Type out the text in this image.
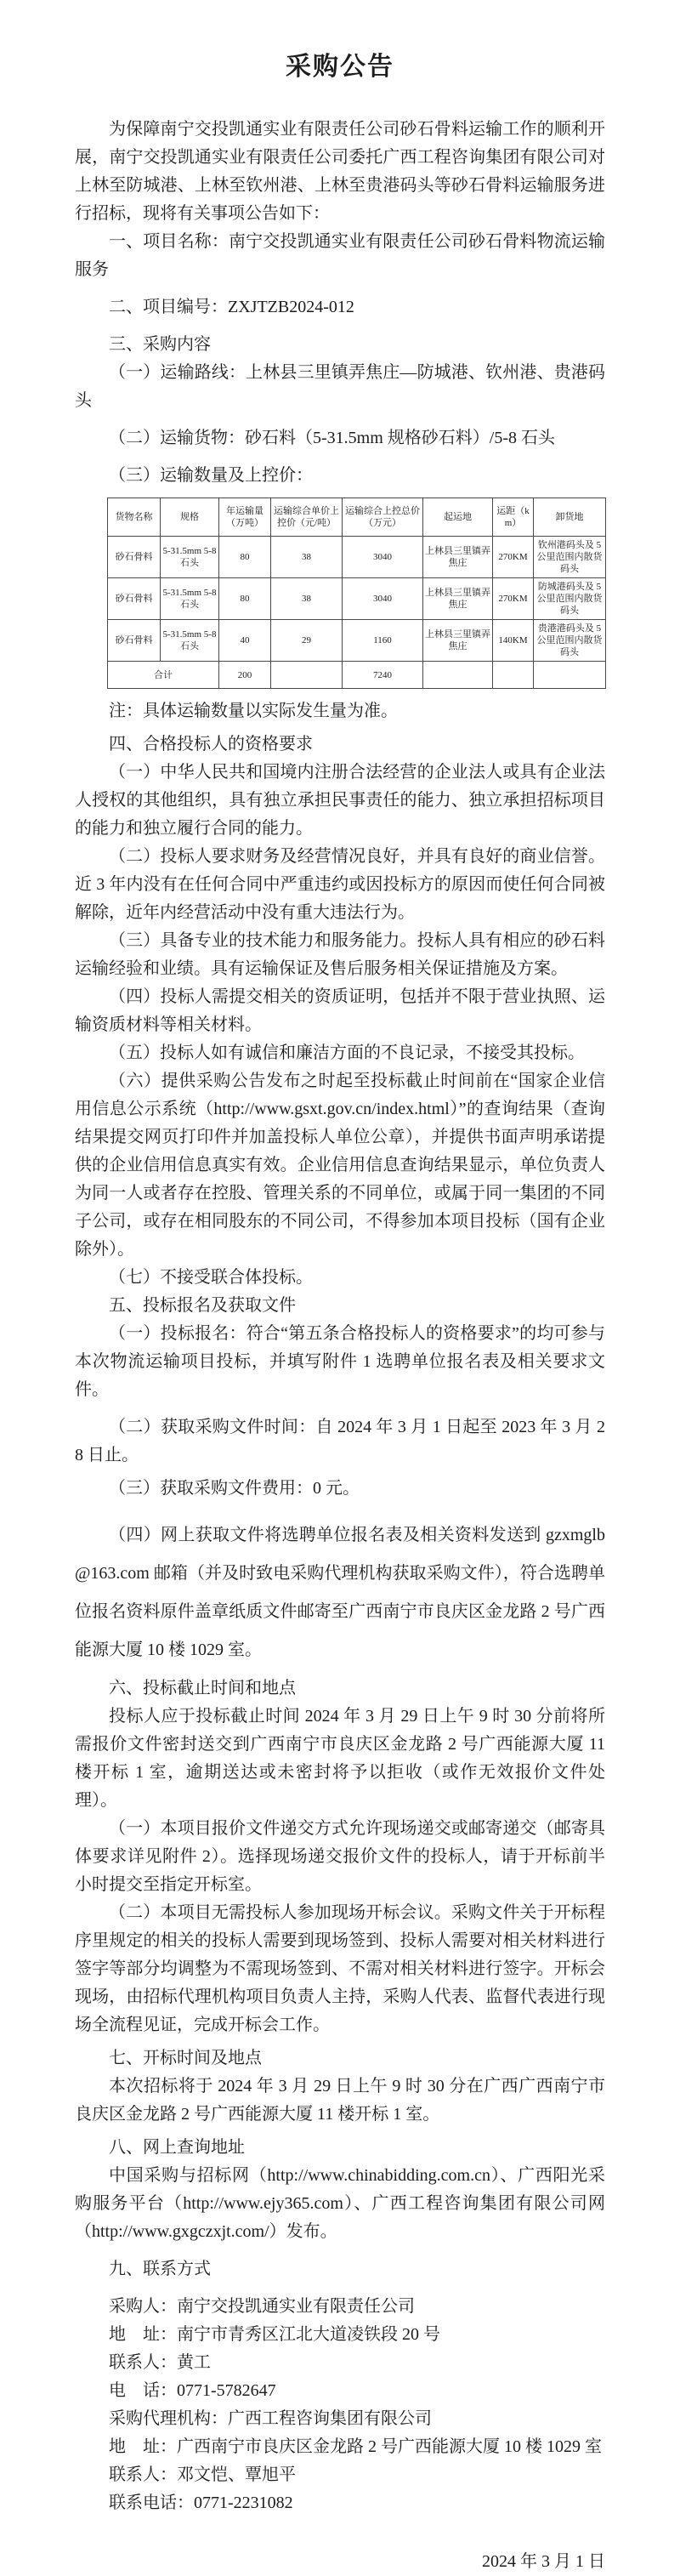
采购公告

为保障南宁交投凯通实业有限责任公司砂石骨料运输工作的顺利开展，南宁交投凯通实业有限责任公司委托广西工程咨询集团有限公司对上林至防城港、上林至钦州港、上林至贵港码头等砂石骨料运输服务进行招标，现将有关事项公告如下：

一、项目名称：南宁交投凯通实业有限责任公司砂石骨料物流运输服务

二、项目编号：ZXJTZB2024-012

三、采购内容

（一）运输路线：上林县三里镇弄焦庄—防城港、钦州港、贵港码头

（二）运输货物：砂石料（5-31.5mm 规格砂石料）/5-8 石头

（三）运输数量及上控价：

货物名称	规格	年运输量（万吨）	运输综合单价上控价（元/吨）	运输综合上控总价（万元）	起运地	运距（km）	卸货地
砂石骨料	5-31.5mm 5-8 石头	80	38	3040	上林县三里镇弄焦庄	270KM	钦州港码头及 5 公里范围内散货码头
砂石骨料	5-31.5mm 5-8 石头	80	38	3040	上林县三里镇弄焦庄	270KM	防城港码头及 5 公里范围内散货码头
砂石骨料	5-31.5mm 5-8 石头	40	29	1160	上林县三里镇弄焦庄	140KM	贵港港码头及 5 公里范围内散货码头
合计		200		7240			

注：具体运输数量以实际发生量为准。

四、合格投标人的资格要求

（一）中华人民共和国境内注册合法经营的企业法人或具有企业法人授权的其他组织，具有独立承担民事责任的能力、独立承担招标项目的能力和独立履行合同的能力。

（二）投标人要求财务及经营情况良好，并具有良好的商业信誉。近 3 年内没有在任何合同中严重违约或因投标方的原因而使任何合同被解除，近年内经营活动中没有重大违法行为。

（三）具备专业的技术能力和服务能力。投标人具有相应的砂石料运输经验和业绩。具有运输保证及售后服务相关保证措施及方案。

（四）投标人需提交相关的资质证明，包括并不限于营业执照、运输资质材料等相关材料。

（五）投标人如有诚信和廉洁方面的不良记录，不接受其投标。

（六）提供采购公告发布之时起至投标截止时间前在“国家企业信用信息公示系统（http://www.gsxt.gov.cn/index.html）”的查询结果（查询结果提交网页打印件并加盖投标人单位公章），并提供书面声明承诺提供的企业信用信息真实有效。企业信用信息查询结果显示，单位负责人为同一人或者存在控股、管理关系的不同单位，或属于同一集团的不同子公司，或存在相同股东的不同公司，不得参加本项目投标（国有企业除外）。

（七）不接受联合体投标。

五、投标报名及获取文件

（一）投标报名：符合“第五条合格投标人的资格要求”的均可参与本次物流运输项目投标，并填写附件 1 选聘单位报名表及相关要求文件。

（二）获取采购文件时间：自 2024 年 3 月 1 日起至 2023 年 3 月 28 日止。

（三）获取采购文件费用：0 元。

（四）网上获取文件将选聘单位报名表及相关资料发送到 gzxmglb@163.com 邮箱（并及时致电采购代理机构获取采购文件），符合选聘单位报名资料原件盖章纸质文件邮寄至广西南宁市良庆区金龙路 2 号广西能源大厦 10 楼 1029 室。

六、投标截止时间和地点

投标人应于投标截止时间 2024 年 3 月 29 日上午 9 时 30 分前将所需报价文件密封送交到广西南宁市良庆区金龙路 2 号广西能源大厦 11 楼开标 1 室，逾期送达或未密封将予以拒收（或作无效报价文件处理）。

（一）本项目报价文件递交方式允许现场递交或邮寄递交（邮寄具体要求详见附件 2）。选择现场递交报价文件的投标人，请于开标前半小时提交至指定开标室。

（二）本项目无需投标人参加现场开标会议。采购文件关于开标程序里规定的相关的投标人需要到现场签到、投标人需要对相关材料进行签字等部分均调整为不需现场签到、不需对相关材料进行签字。开标会现场，由招标代理机构项目负责人主持，采购人代表、监督代表进行现场全流程见证，完成开标会工作。

七、开标时间及地点

本次招标将于 2024 年 3 月 29 日上午 9 时 30 分在广西广西南宁市良庆区金龙路 2 号广西能源大厦 11 楼开标 1 室。

八、网上查询地址

中国采购与招标网（http://www.chinabidding.com.cn）、广西阳光采购服务平台（http://www.ejy365.com）、广西工程咨询集团有限公司网（http://www.gxgczxjt.com/）发布。

九、联系方式

采购人：南宁交投凯通实业有限责任公司

地　址：南宁市青秀区江北大道凌铁段 20 号

联系人：黄工

电　话：0771-5782647

采购代理机构：广西工程咨询集团有限公司

地　址：广西南宁市良庆区金龙路 2 号广西能源大厦 10 楼 1029 室

联系人：邓文恺、覃旭平

联系电话：0771-2231082

2024 年 3 月 1 日
